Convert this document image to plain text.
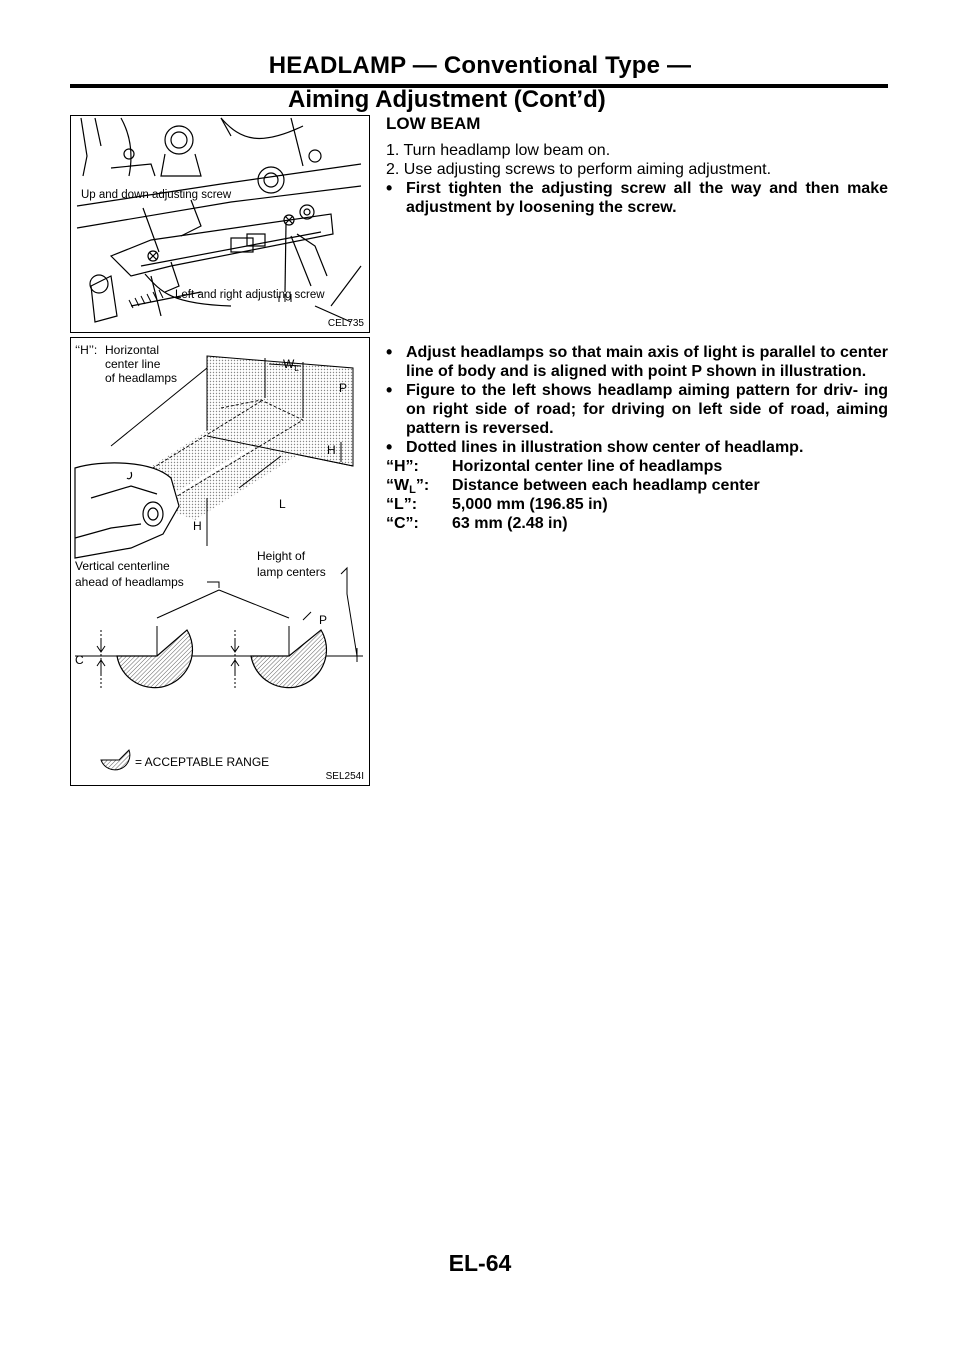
HEADLAMP — Conventional Type —
Aiming Adjustment (Cont’d)
Up and down adjusting screw
Left and right adjusting screw
CEL735
‘‘H’’: Horizontal
center line
of headlamps
$W_L$
P
H
L
H
Vertical centerline
ahead of headlamps
Height of
lamp centers
C
P
= ACCEPTABLE RANGE
SEL254I
LOW BEAM
1. Turn headlamp low beam on.
2. Use adjusting screws to perform aiming adjustment.
• First tighten the adjusting screw all the way and then make adjustment by loosening the screw.
• Adjust headlamps so that main axis of light is parallel to center line of body and is aligned with point P shown in illustration.
• Figure to the left shows headlamp aiming pattern for driv- ing on right side of road; for driving on left side of road, aiming pattern is reversed.
• Dotted lines in illustration show center of headlamp.
“H”:	Horizontal center line of headlamps
“$W_L$”:	Distance between each headlamp center
“L”:	5,000 mm (196.85 in)
“C”:	63 mm (2.48 in)
EL-64
